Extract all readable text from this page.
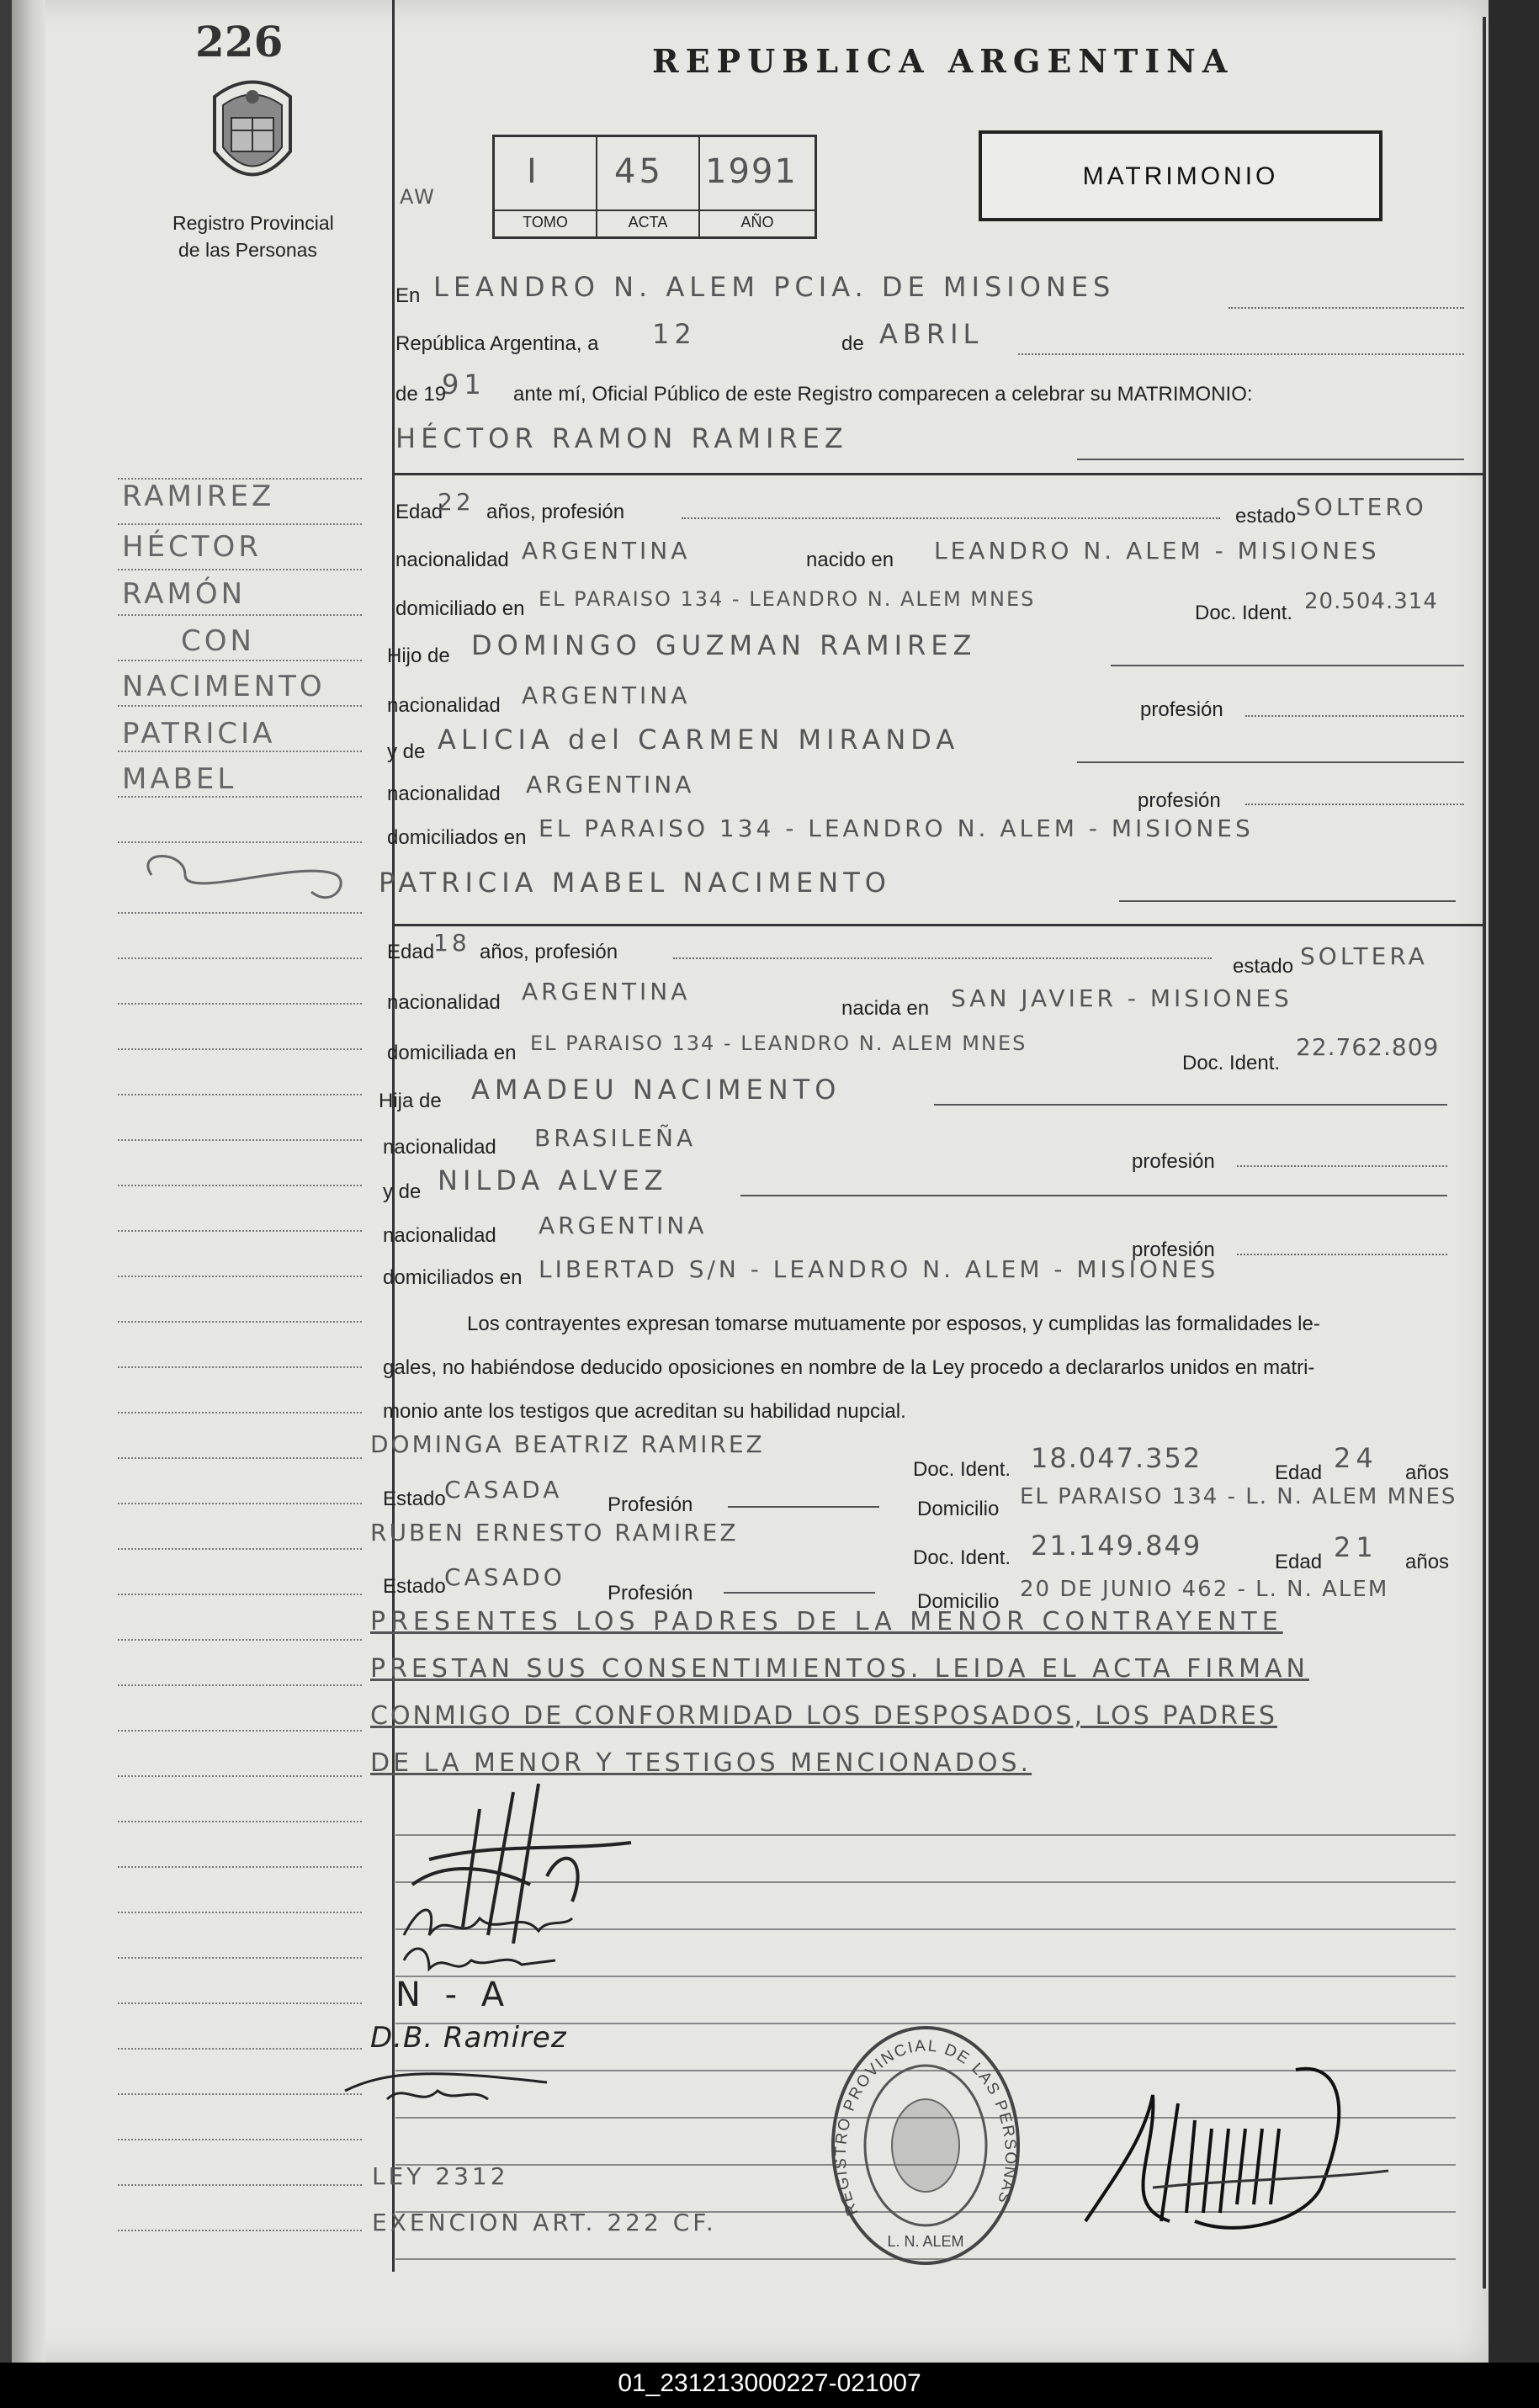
01_231213000227-021007
226
Registro Provincial
de las Personas
REPUBLICA ARGENTINA
AW
I
TOMO
45
ACTA
1991
AÑO
MATRIMONIO
RAMIREZ
HÉCTOR
RAMÓN
CON
NACIMENTO
PATRICIA
MABEL
En LEANDRO N. ALEM PCIA. DE MISIONES
República Argentina, a 12	de ABRIL
de 19
91 ante mí, Oficial Público de este Registro comparecen a celebrar su MATRIMONIO:
HÉCTOR RAMON RAMIREZ
Edad
22 años, profesión	estado SOLTERO
nacionalidad ARGENTINA	nacido en LEANDRO N. ALEM - MISIONES
domiciliado en EL PARAISO 134 - LEANDRO N. ALEM MNES
Doc. Ident. 20.504.314
Hijo de DOMINGO GUZMAN RAMIREZ
nacionalidad ARGENTINA
profesión
y de ALICIA del CARMEN MIRANDA
nacionalidad ARGENTINA
profesión
domiciliados en EL PARAISO 134 - LEANDRO N. ALEM - MISIONES
PATRICIA MABEL NACIMENTO
Edad
18 años, profesión
estado SOLTERA
nacionalidad ARGENTINA
nacida en SAN JAVIER - MISIONES
domiciliada en EL PARAISO 134 - LEANDRO N. ALEM MNES
Doc. Ident.
22.762.809
Hija de AMADEU NACIMENTO
nacionalidad BRASILEÑA
profesión
y de NILDA ALVEZ
nacionalidad ARGENTINA
profesión
domiciliados en LIBERTAD S/N - LEANDRO N. ALEM - MISIONES
Los contrayentes expresan tomarse mutuamente por esposos, y cumplidas las formalidades le-
gales, no habiéndose deducido oposiciones en nombre de la Ley procedo a declararlos unidos en matri-
monio ante los testigos que acreditan su habilidad nupcial.
DOMINGA BEATRIZ RAMIREZ
Doc. Ident. 18.047.352	Edad 24 años
Estado
CASADA
Profesión	Domicilio EL PARAISO 134 - L. N. ALEM MNES
RUBEN ERNESTO RAMIREZ
Doc. Ident. 21.149.849
Edad 21 años
Estado
CASADO
Profesión	Domicilio 20 DE JUNIO 462 - L. N. ALEM
PRESENTES LOS PADRES DE LA MENOR CONTRAYENTE
PRESTAN SUS CONSENTIMIENTOS. LEIDA EL ACTA FIRMAN
CONMIGO DE CONFORMIDAD LOS DESPOSADOS, LOS PADRES
DE LA MENOR Y TESTIGOS MENCIONADOS.
N - A
D.B. Ramirez
LEY 2312
EXENCION ART. 222 CF.	REGISTRO PROVINCIAL DE LAS PERSONAS
L. N. ALEM
